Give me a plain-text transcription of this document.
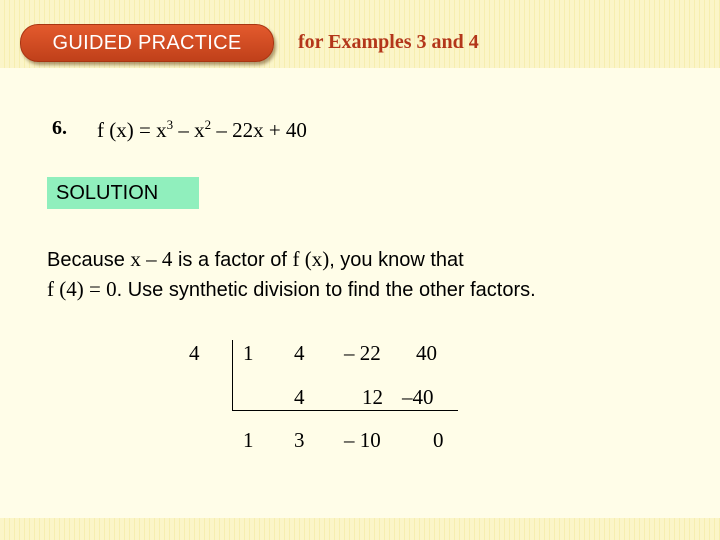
GUIDED PRACTICE	for Examples 3 and 4
6. f $(x) = x^3 - x^2 - 22x + 40$
SOLUTION
Because x – 4 is a factor of f (x), you know that
f (4) = 0. Use synthetic division to find the other factors.
4 1 4 – 22 40
4	12 –40
1 3 – 10 0
